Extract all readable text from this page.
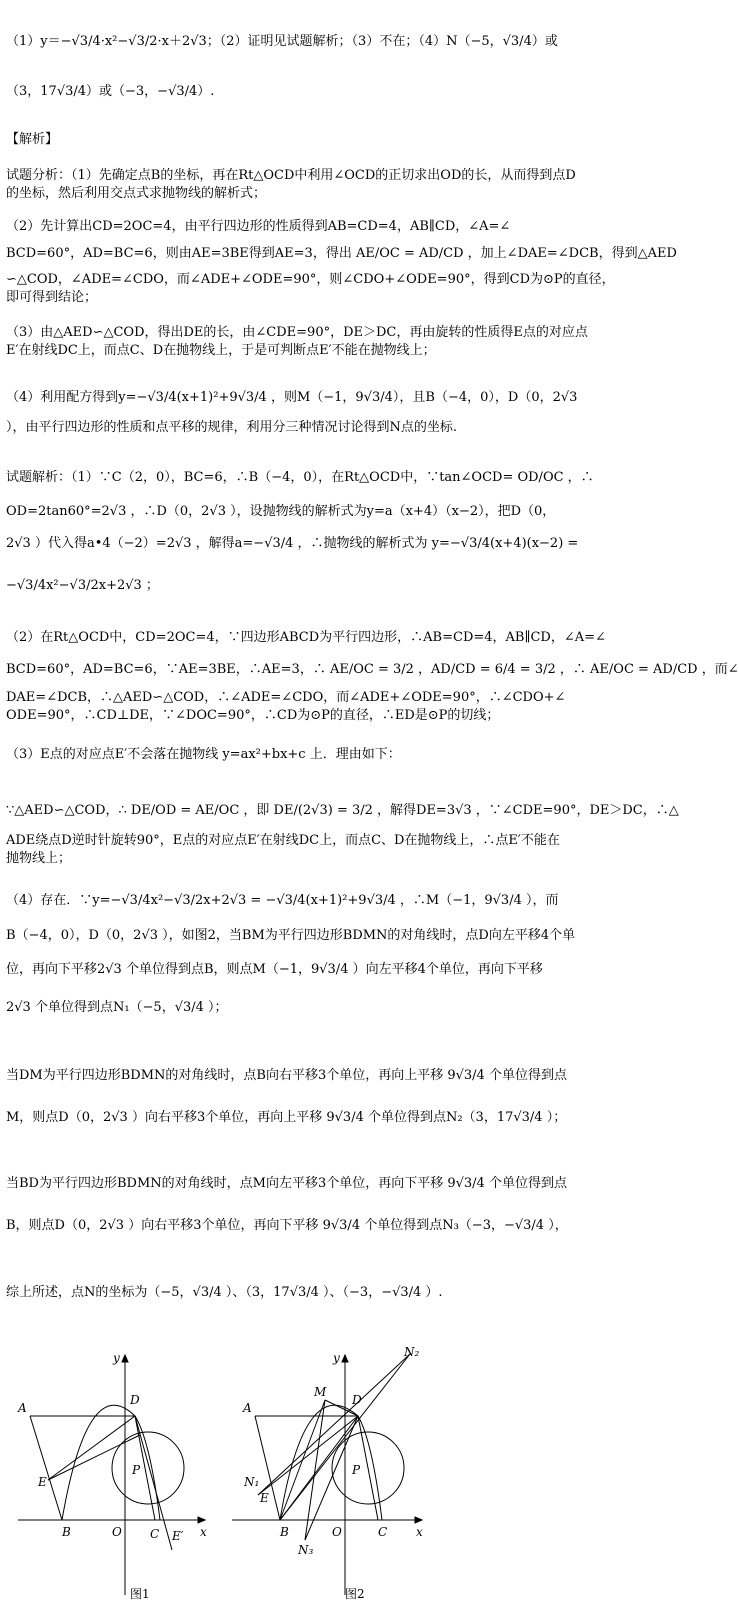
（1）y＝−√3/4·x²−√3/2·x＋2√3；（2）证明见试题解析；（3）不在；（4）N（−5，√3/4）或
（3，17√3/4）或（−3，−√3/4）.
【解析】
试题分析：（1）先确定点B的坐标，再在Rt△OCD中利用∠OCD的正切求出OD的长，从而得到点D
的坐标，然后利用交点式求抛物线的解析式；
（2）先计算出CD=2OC=4，由平行四边形的性质得到AB=CD=4，AB∥CD，∠A=∠
BCD=60°，AD=BC=6，则由AE=3BE得到AE=3，得出 AE/OC = AD/CD ，加上∠DAE=∠DCB，得到△AED
∽△COD，∠ADE=∠CDO，而∠ADE+∠ODE=90°，则∠CDO+∠ODE=90°，得到CD为⊙P的直径，
即可得到结论；
（3）由△AED∽△COD，得出DE的长，由∠CDE=90°，DE＞DC，再由旋转的性质得E点的对应点
E′在射线DC上，而点C、D在抛物线上，于是可判断点E′不能在抛物线上；
（4）利用配方得到y=−√3/4(x+1)²+9√3/4 ，则M（−1，9√3/4），且B（−4，0），D（0，2√3
），由平行四边形的性质和点平移的规律，利用分三种情况讨论得到N点的坐标.
试题解析：（1）∵C（2，0），BC=6，∴B（−4，0），在Rt△OCD中，∵tan∠OCD= OD/OC ，∴
OD=2tan60°=2√3 ，∴D（0，2√3 ），设抛物线的解析式为y=a（x+4）（x−2），把D（0，
2√3 ）代入得a•4（−2）=2√3 ，解得a=−√3/4 ，∴抛物线的解析式为 y=−√3/4(x+4)(x−2) =
−√3/4x²−√3/2x+2√3 ；
（2）在Rt△OCD中，CD=2OC=4，∵四边形ABCD为平行四边形，∴AB=CD=4，AB∥CD，∠A=∠
BCD=60°，AD=BC=6，∵AE=3BE，∴AE=3，∴ AE/OC = 3/2 ，AD/CD = 6/4 = 3/2 ，∴ AE/OC = AD/CD ，而∠
DAE=∠DCB，∴△AED∽△COD，∴∠ADE=∠CDO，而∠ADE+∠ODE=90°，∴∠CDO+∠
ODE=90°，∴CD⊥DE，∵∠DOC=90°，∴CD为⊙P的直径，∴ED是⊙P的切线；
（3）E点的对应点E′不会落在抛物线 y=ax²+bx+c 上．理由如下：
∵△AED∽△COD，∴ DE/OD = AE/OC ，即 DE/(2√3) = 3/2 ，解得DE=3√3 ，∵∠CDE=90°，DE＞DC，∴△
ADE绕点D逆时针旋转90°，E点的对应点E′在射线DC上，而点C、D在抛物线上，∴点E′不能在
抛物线上；
（4）存在．∵y=−√3/4x²−√3/2x+2√3 = −√3/4(x+1)²+9√3/4 ，∴M（−1，9√3/4 ），而
B（−4，0），D（0，2√3 ），如图2，当BM为平行四边形BDMN的对角线时，点D向左平移4个单
位，再向下平移2√3 个单位得到点B，则点M（−1，9√3/4 ）向左平移4个单位，再向下平移
2√3 个单位得到点N₁（−5，√3/4 ）；
当DM为平行四边形BDMN的对角线时，点B向右平移3个单位，再向上平移 9√3/4 个单位得到点
M，则点D（0，2√3 ）向右平移3个单位，再向上平移 9√3/4 个单位得到点N₂（3，17√3/4 ）；
当BD为平行四边形BDMN的对角线时，点M向左平移3个单位，再向下平移 9√3/4 个单位得到点
B，则点D（0，2√3 ）向右平移3个单位，再向下平移 9√3/4 个单位得到点N₃（−3，−√3/4 ），
综上所述，点N的坐标为（−5，√3/4 ）、（3，17√3/4 ）、（−3，−√3/4 ）.
A
D
E
B	O C E′
P
x
y
图1
A
D
M
N₁
N₂
N₃
E
B	O	C
P
x
y
图2
